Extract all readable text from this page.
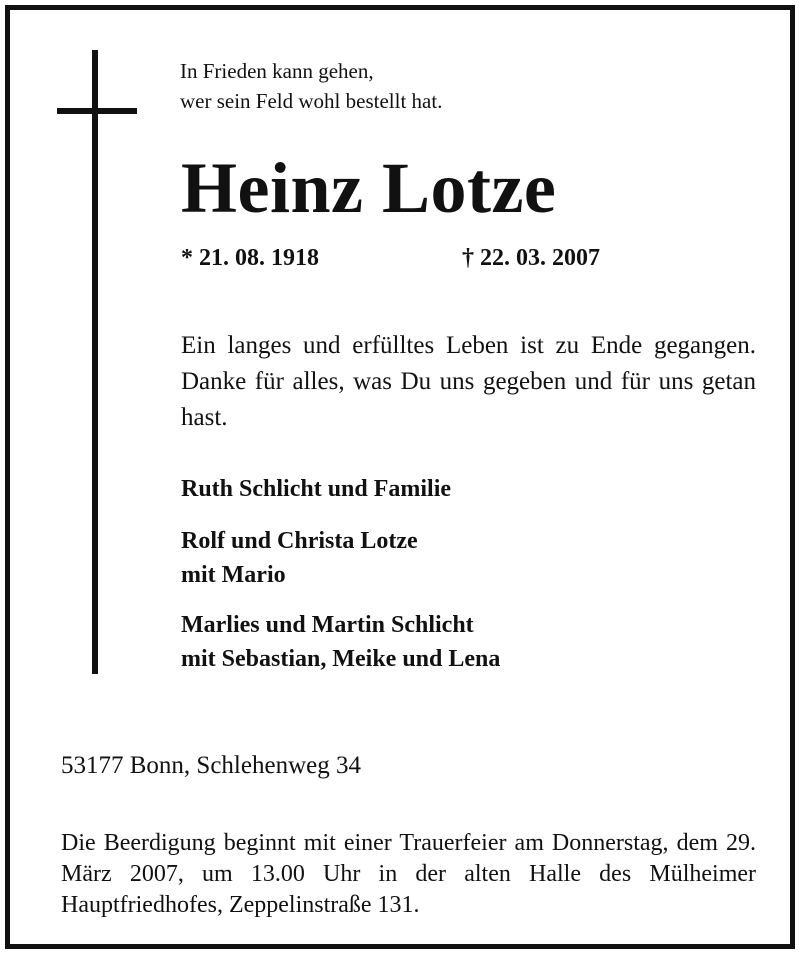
In Frieden kann gehen,
wer sein Feld wohl bestellt hat.
Heinz Lotze
* 21. 08. 1918	† 22. 03. 2007
Ein langes und erfülltes Leben ist zu Ende gegangen. Danke für alles, was Du uns gegeben und für uns getan hast.
Ruth Schlicht und Familie
Rolf und Christa Lotze
mit Mario
Marlies und Martin Schlicht
mit Sebastian, Meike und Lena
53177 Bonn, Schlehenweg 34
Die Beerdigung beginnt mit einer Trauerfeier am Donnerstag, dem 29. März 2007, um 13.00 Uhr in der alten Halle des Mülheimer Hauptfriedhofes, Zeppelinstraße 131.
